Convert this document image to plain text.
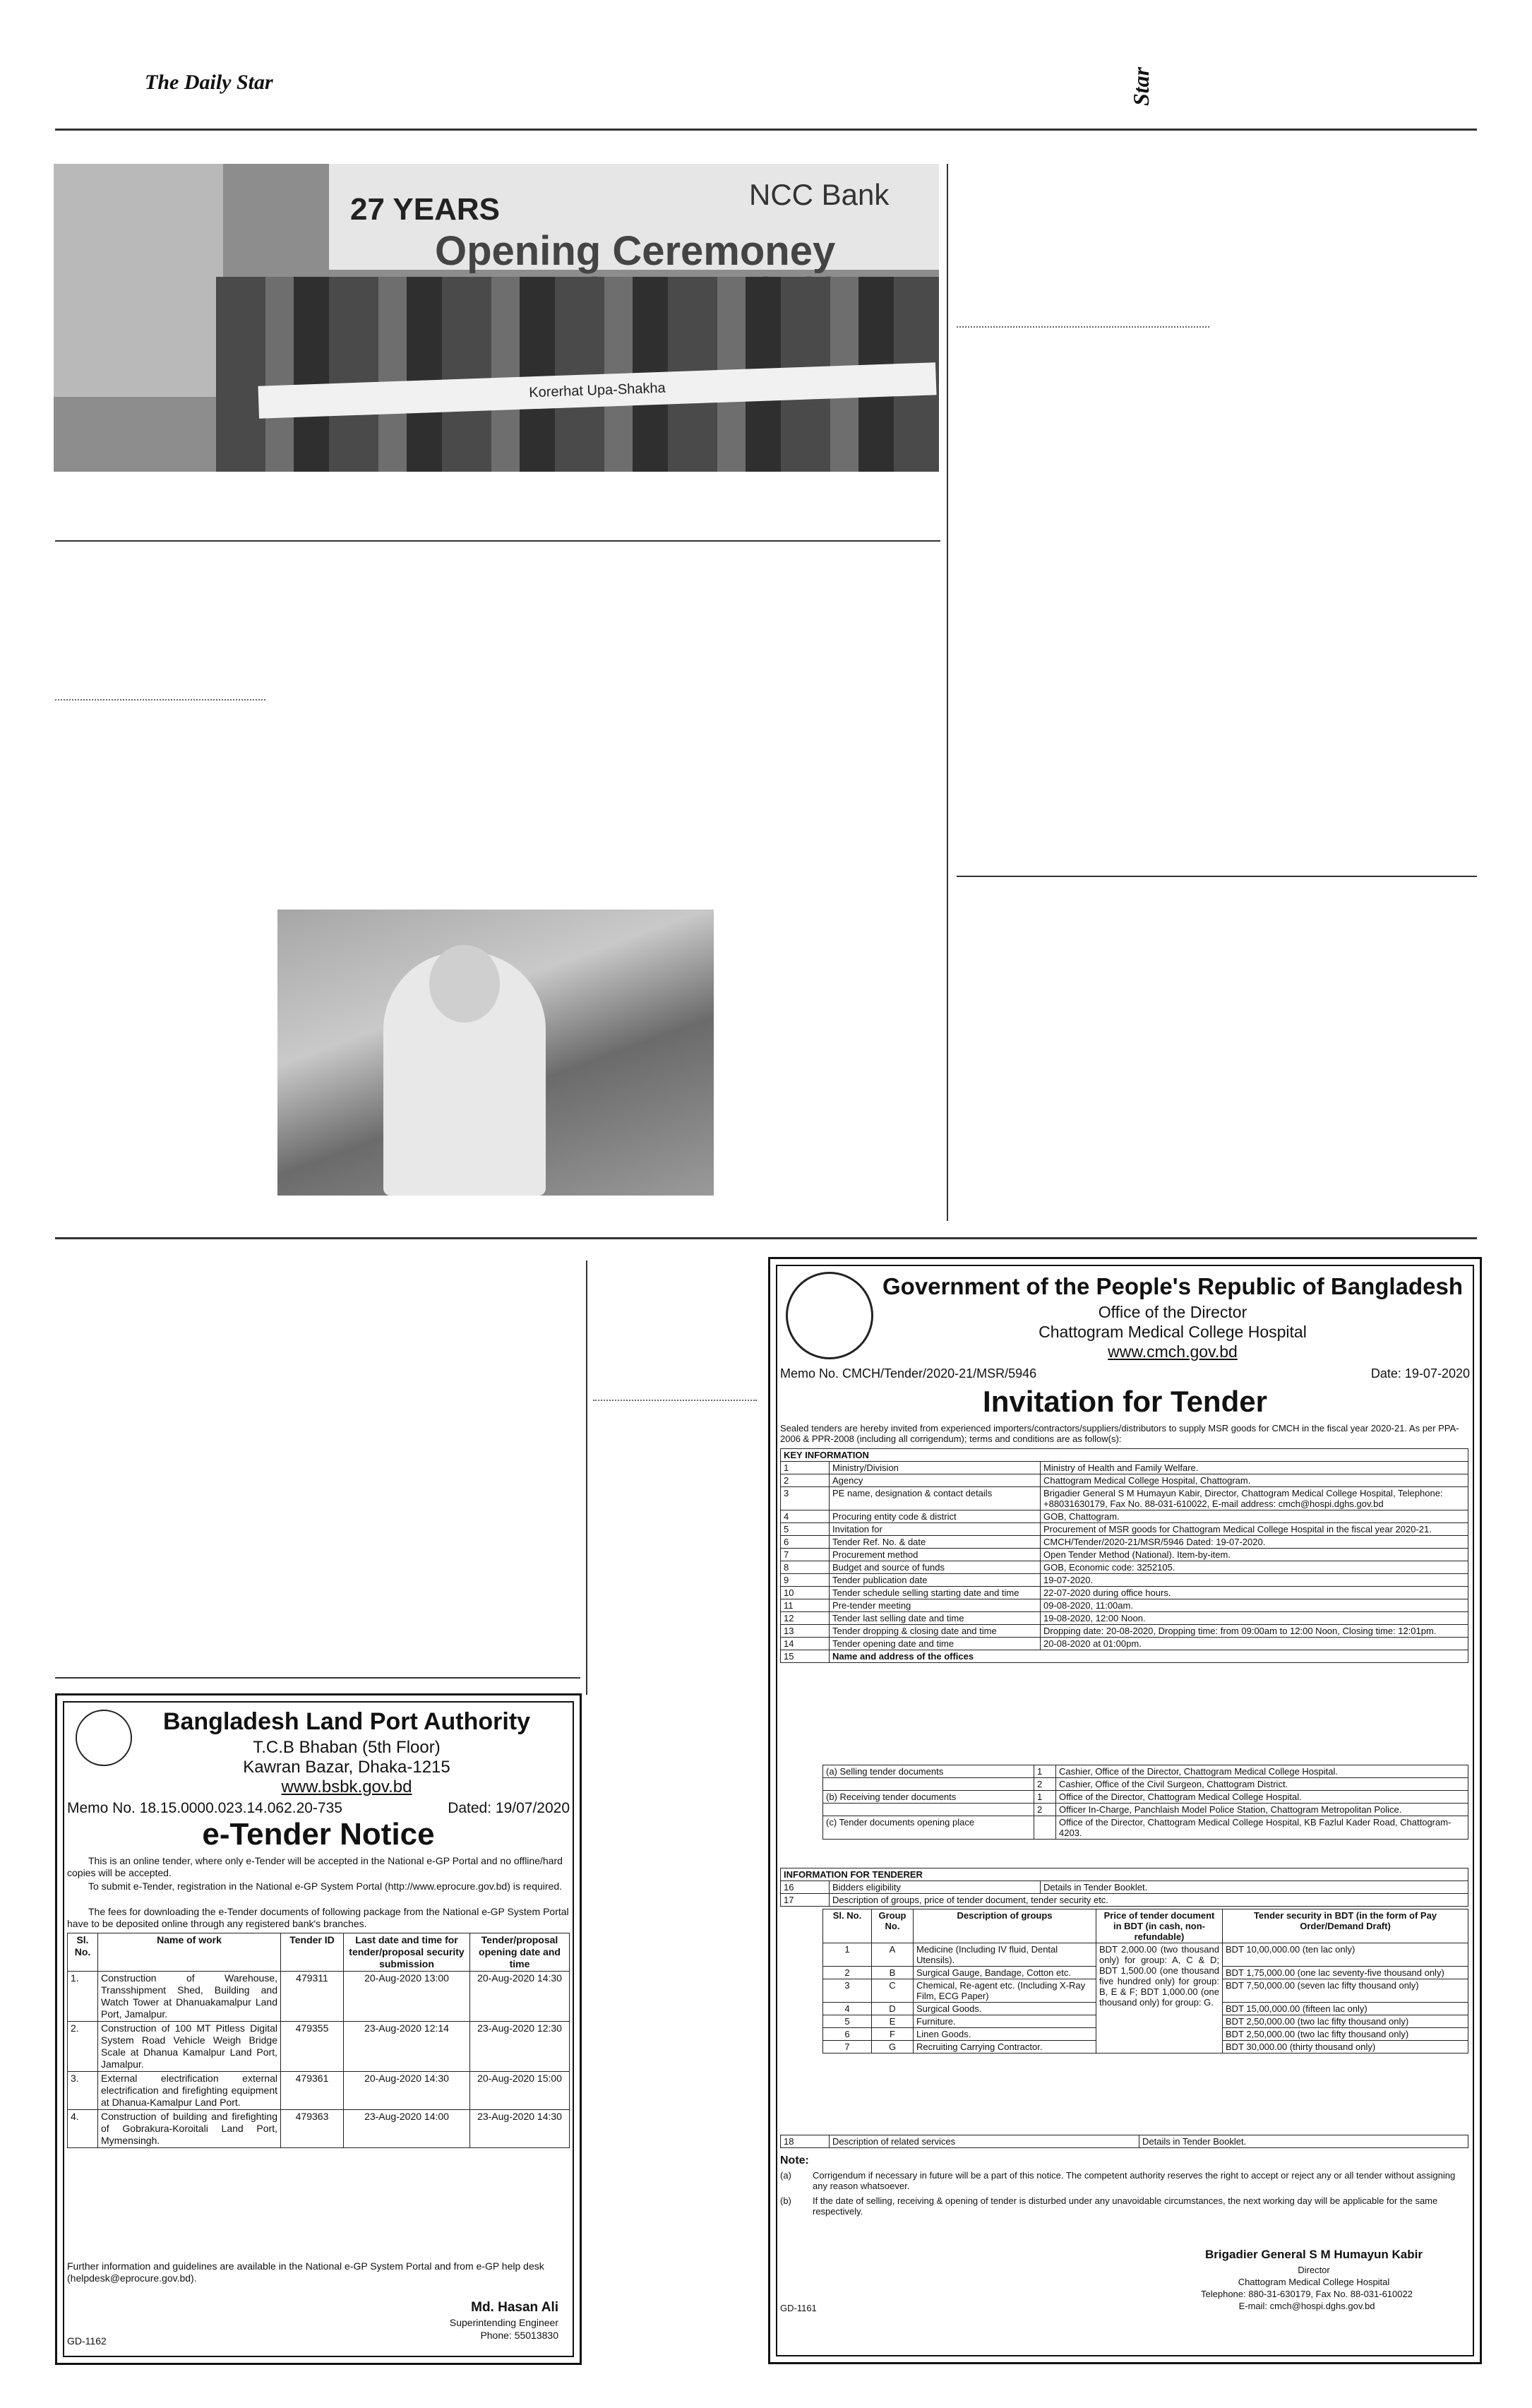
The Daily Star	Star
27 YEARS	NCC Bank
Opening Ceremoney
Korerhat Upa-Shakha
Bangladesh Land Port Authority
T.C.B Bhaban (5th Floor)
Kawran Bazar, Dhaka-1215
www.bsbk.gov.bd
Memo No. 18.15.0000.023.14.062.20-735	Dated: 19/07/2020
e-Tender Notice
This is an online tender, where only e-Tender will be accepted in the National e-GP Portal and no offline/hard copies will be accepted.
To submit e-Tender, registration in the National e-GP System Portal (http://www.eprocure.gov.bd) is required.
The fees for downloading the e-Tender documents of following package from the National e-GP System Portal have to be deposited online through any registered bank's branches.
Sl. No.	Name of work	Tender ID	Last date and time for tender/proposal security submission	Tender/proposal opening date and time
1.	Construction of Warehouse, Transshipment Shed, Building and Watch Tower at Dhanuakamalpur Land Port, Jamalpur.	479311	20-Aug-2020 13:00	20-Aug-2020 14:30
2.	Construction of 100 MT Pitless Digital System Road Vehicle Weigh Bridge Scale at Dhanua Kamalpur Land Port, Jamalpur.	479355	23-Aug-2020 12:14	23-Aug-2020 12:30
3.	External electrification external electrification and firefighting equipment at Dhanua-Kamalpur Land Port.	479361	20-Aug-2020 14:30	20-Aug-2020 15:00
4.	Construction of building and firefighting of Gobrakura-Koroitali Land Port, Mymensingh.	479363	23-Aug-2020 14:00	23-Aug-2020 14:30
Further information and guidelines are available in the National e-GP System Portal and from e-GP help desk (helpdesk@eprocure.gov.bd).
Md. Hasan Ali
Superintending Engineer
Phone: 55013830
GD-1162
Government of the People's Republic of Bangladesh
Office of the Director
Chattogram Medical College Hospital
www.cmch.gov.bd
Memo No. CMCH/Tender/2020-21/MSR/5946	Date: 19-07-2020
Invitation for Tender
Sealed tenders are hereby invited from experienced importers/contractors/suppliers/distributors to supply MSR goods for CMCH in the fiscal year 2020-21. As per PPA-2006 & PPR-2008 (including all corrigendum); terms and conditions are as follow(s):
KEY INFORMATION		
1	Ministry/Division	Ministry of Health and Family Welfare.
2	Agency	Chattogram Medical College Hospital, Chattogram.
3	PE name, designation & contact details	Brigadier General S M Humayun Kabir, Director, Chattogram Medical College Hospital, Telephone: +88031630179, Fax No. 88-031-610022, E-mail address: cmch@hospi.dghs.gov.bd
4	Procuring entity code & district	GOB, Chattogram.
5	Invitation for	Procurement of MSR goods for Chattogram Medical College Hospital in the fiscal year 2020-21.
6	Tender Ref. No. & date	CMCH/Tender/2020-21/MSR/5946 Dated: 19-07-2020.
7	Procurement method	Open Tender Method (National). Item-by-item.
8	Budget and source of funds	GOB, Economic code: 3252105.
9	Tender publication date	19-07-2020.
10	Tender schedule selling starting date and time	22-07-2020 during office hours.
11	Pre-tender meeting	09-08-2020, 11:00am.
12	Tender last selling date and time	19-08-2020, 12:00 Noon.
13	Tender dropping & closing date and time	Dropping date: 20-08-2020, Dropping time: from 09:00am to 12:00 Noon, Closing time: 12:01pm.
14	Tender opening date and time	20-08-2020 at 01:00pm.
15	Name and address of the offices	
(a) Selling tender documents	1	Cashier, Office of the Director, Chattogram Medical College Hospital.
	2	Cashier, Office of the Civil Surgeon, Chattogram District.
(b) Receiving tender documents	1	Office of the Director, Chattogram Medical College Hospital.
	2	Officer In-Charge, Panchlaish Model Police Station, Chattogram Metropolitan Police.
(c) Tender documents opening place		Office of the Director, Chattogram Medical College Hospital, KB Fazlul Kader Road, Chattogram-4203.
INFORMATION FOR TENDERER		
16	Bidders eligibility	Details in Tender Booklet.
17	Description of groups, price of tender document, tender security etc.	
Sl. No.	Group No.	Description of groups	Price of tender document in BDT (in cash, non-refundable)	Tender security in BDT (in the form of Pay Order/Demand Draft)
1	A	Medicine (Including IV fluid, Dental Utensils).	BDT 2,000.00 (two thousand only) for group: A, C & D; BDT 1,500.00 (one thousand five hundred only) for group: B, E & F; BDT 1,000.00 (one thousand only) for group: G.	BDT 10,00,000.00 (ten lac only)
2	B	Surgical Gauge, Bandage, Cotton etc.		BDT 1,75,000.00 (one lac seventy-five thousand only)
3	C	Chemical, Re-agent etc. (Including X-Ray Film, ECG Paper)		BDT 7,50,000.00 (seven lac fifty thousand only)
4	D	Surgical Goods.		BDT 15,00,000.00 (fifteen lac only)
5	E	Furniture.		BDT 2,50,000.00 (two lac fifty thousand only)
6	F	Linen Goods.		BDT 2,50,000.00 (two lac fifty thousand only)
7	G	Recruiting Carrying Contractor.		BDT 30,000.00 (thirty thousand only)
18	Description of related services	Details in Tender Booklet.
Note:
(a) Corrigendum if necessary in future will be a part of this notice. The competent authority reserves the right to accept or reject any or all tender without assigning any reason whatsoever.
(b) If the date of selling, receiving & opening of tender is disturbed under any unavoidable circumstances, the next working day will be applicable for the same respectively.
Brigadier General S M Humayun Kabir
Director
Chattogram Medical College Hospital
Telephone: 880-31-630179, Fax No. 88-031-610022
E-mail: cmch@hospi.dghs.gov.bd
GD-1161
